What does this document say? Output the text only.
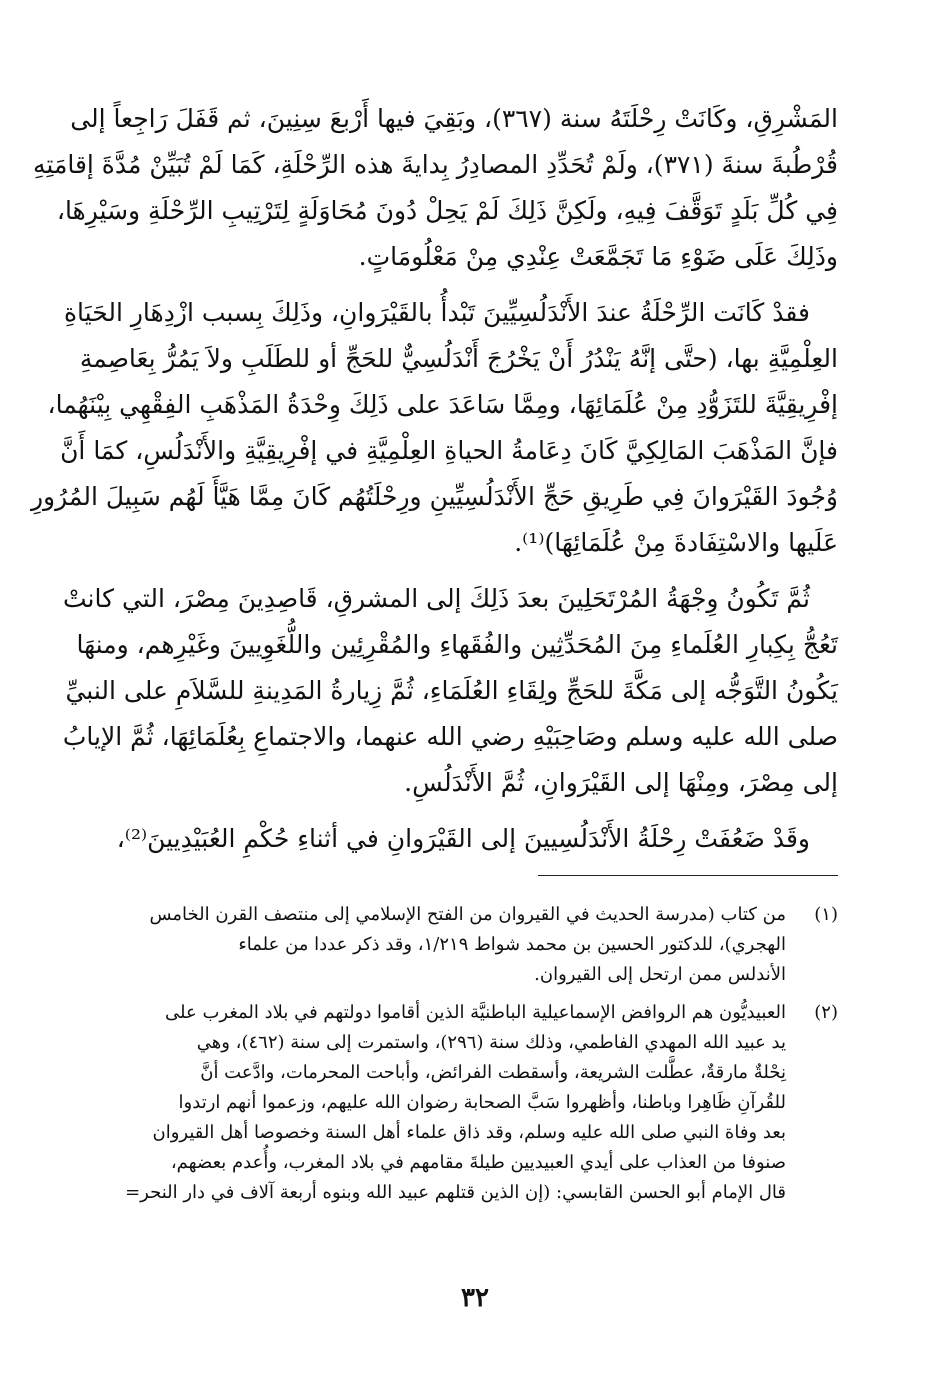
المَشْرِقِ، وكَانَتْ رِحْلَتَهُ سنة (٣٦٧)، وبَقِيَ فيها أَرْبعَ سِنِينَ، ثم قَفَلَ رَاجِعاً إلى
قُرْطُبةَ سنةَ (٣٧١)، ولَمْ تُحَدِّدِ المصادِرُ بِدايةَ هذه الرِّحْلَةِ، كَمَا لَمْ تُبَيِّنْ مُدَّةَ إقامَتِهِ
فِي كُلِّ بَلَدٍ تَوَقَّفَ فِيهِ، ولَكِنَّ ذَلِكَ لَمْ يَحِلْ دُونَ مُحَاوَلَةٍ لِتَرْتِيبِ الرِّحْلَةِ وسَيْرِهَا،
وذَلِكَ عَلَى ضَوْءِ مَا تَجَمَّعَتْ عِنْدِي مِنْ مَعْلُومَاتٍ.
فقدْ كَانَت الرِّحْلَةُ عندَ الأَنْدَلُسِيِّينَ تَبْدأُ بالقَيْرَوانِ، وذَلِكَ بِسبب ازْدِهَارِ الحَيَاةِ
العِلْمِيَّةِ بها، (حتَّى إنَّهُ يَنْدُرُ أَنْ يَخْرُجَ أَنْدَلُسِيٌّ للحَجِّ أو للطَلَبِ ولاَ يَمُرُّ بِعَاصِمةِ
إفْرِيقِيَّةَ للتَزَوُّدِ مِنْ عُلَمَائِهَا، ومِمَّا سَاعَدَ على ذَلِكَ وِحْدَةُ المَذْهَبِ الفِقْهِي بِيْنَهُما،
فإنَّ المَذْهَبَ المَالِكِيَّ كَانَ دِعَامةُ الحياةِ العِلْمِيَّةِ في إفْرِيقِيَّةِ والأَنْدَلُسِ، كمَا أَنَّ
وُجُودَ القَيْرَوانَ فِي طَرِيقِ حَجِّ الأَنْدَلُسِيِّينِ ورِحْلَتُهُم كَانَ مِمَّا هَيَّأَ لَهُم سَبِيلَ المُرُورِ
عَلَيها والاسْتِفَادةَ مِنْ عُلَمَائِهَا)⁽¹⁾.
ثُمَّ تَكُونُ وِجْهَةُ المُرْتَحَلِينَ بعدَ ذَلِكَ إلى المشرقِ، قَاصِدِينَ مِصْرَ، التي كانتْ
تَعُجُّ بِكِبارِ العُلَماءِ مِنَ المُحَدِّثِين والفُقَهاءِ والمُقْرِئِين واللُّغَوِيينَ وغَيْرِهم، ومنهَا
يَكُونُ التَّوَجُّه إلى مَكَّةَ للحَجِّ ولِقَاءِ العُلَمَاءِ، ثُمَّ زِيارةُ المَدِينةِ للسَّلاَمِ على النبيِّ
صلى الله عليه وسلم وصَاحِبَيْهِ رضي الله عنهما، والاجتماعِ بِعُلَمَائِهَا، ثُمَّ الإيابُ
إلى مِصْرَ، ومِنْهَا إلى القَيْرَوانِ، ثُمَّ الأَنْدَلُسِ.
وقَدْ ضَعُفَتْ رِحْلَةُ الأَنْدَلُسِيينَ إلى القَيْرَوانِ في أثناءِ حُكْمِ العُبَيْدِيينَ⁽²⁾،
(١)
من كتاب (مدرسة الحديث في القيروان من الفتح الإسلامي إلى منتصف القرن الخامس
الهجري)، للدكتور الحسين بن محمد شواط ١/٢١٩، وقد ذكر عددا من علماء
الأندلس ممن ارتحل إلى القيروان.
(٢)
العبيديُّون هم الروافض الإسماعيلية الباطنيَّة الذين أقاموا دولتهم في بلاد المغرب على
يد عبيد الله المهدي الفاطمي، وذلك سنة (٢٩٦)، واستمرت إلى سنة (٤٦٢)، وهي
نِحْلةٌ مارقةٌ، عطَّلت الشريعة، وأسقطت الفرائض، وأباحت المحرمات، وادَّعت أنَّ
للقُرآنِ ظَاهِرا وباطنا، وأظهروا سَبَّ الصحابة رضوان الله عليهم، وزعموا أنهم ارتدوا
بعد وفاة النبي صلى الله عليه وسلم، وقد ذاق علماء أهل السنة وخصوصا أهل القيروان
صنوفا من العذاب على أيدي العبيديين طيلةَ مقامهم في بلاد المغرب، وأُعدم بعضهم،
قال الإمام أبو الحسن القابسي: (إن الذين قتلهم عبيد الله وبنوه أربعة آلاف في دار النحر=
٣٢
